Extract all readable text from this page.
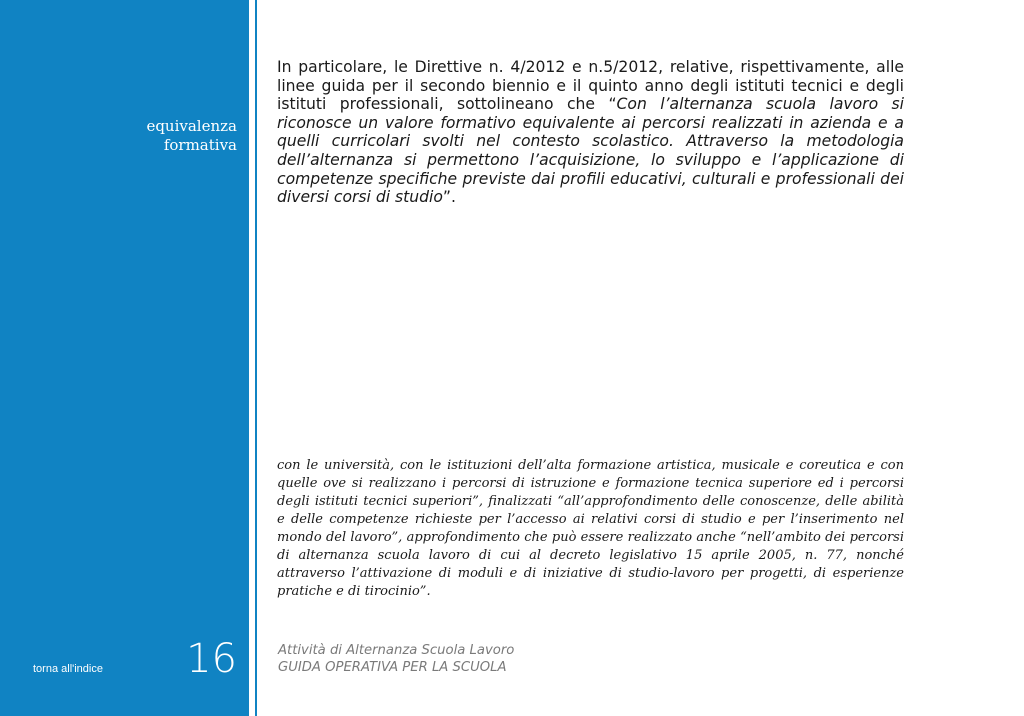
equivalenza
formativa
torna all'indice 16

In particolare, le Direttive n. 4/2012 e n.5/2012, relative, rispettivamente, alle linee guida per il secondo biennio e il quinto anno degli istituti tecnici e degli istituti professionali, sottolineano che “Con l’alternanza scuola lavoro si riconosce un valore formativo equivalente ai percorsi realizzati in azienda e a quelli curricolari svolti nel contesto scolastico. Attraverso la metodologia dell’alternanza si permettono l’acquisizione, lo sviluppo e l’applicazione di competenze specifiche previste dai profili educativi, culturali e professionali dei diversi corsi di studio”.

con le università, con le istituzioni dell’alta formazione artistica, musicale e coreutica e con quelle ove si realizzano i percorsi di istruzione e formazione tecnica superiore ed i percorsi degli istituti tecnici superiori”, finalizzati “all’approfondimento delle conoscenze, delle abilità e delle competenze richieste per l’accesso ai relativi corsi di studio e per l’inserimento nel mondo del lavoro”, approfondimento che può essere realizzato anche “nell’ambito dei percorsi di alternanza scuola lavoro di cui al decreto legislativo 15 aprile 2005, n. 77, nonché attraverso l’attivazione di moduli e di iniziative di studio-lavoro per progetti, di esperienze pratiche e di tirocinio”.

Attività di Alternanza Scuola Lavoro
GUIDA OPERATIVA PER LA SCUOLA
